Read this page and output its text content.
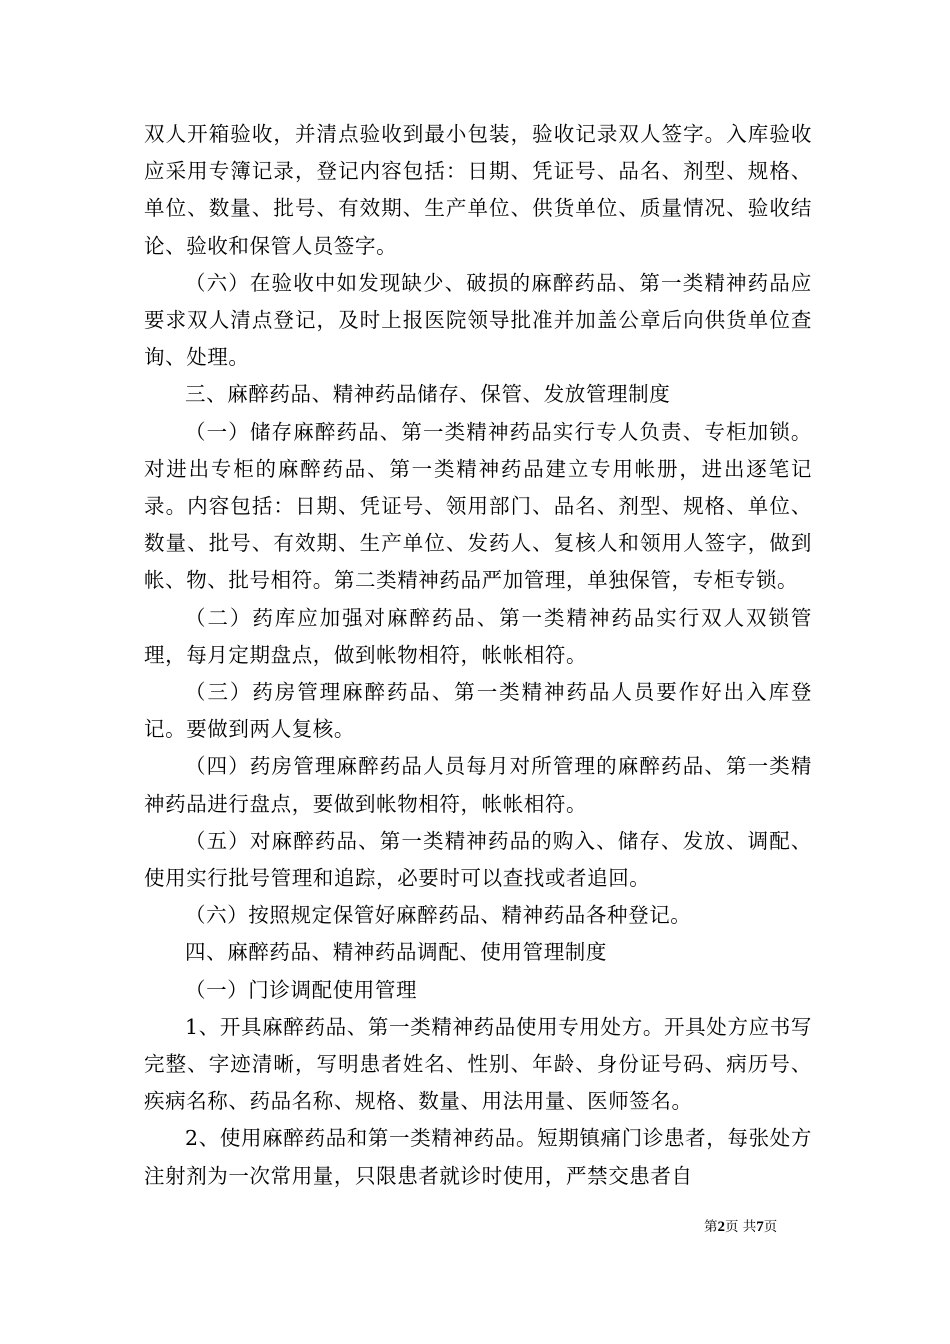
双人开箱验收，并清点验收到最小包装，验收记录双人签字。入库验收应采用专簿记录，登记内容包括：日期、凭证号、品名、剂型、规格、单位、数量、批号、有效期、生产单位、供货单位、质量情况、验收结论、验收和保管人员签字。

（六）在验收中如发现缺少、破损的麻醉药品、第一类精神药品应要求双人清点登记，及时上报医院领导批准并加盖公章后向供货单位查询、处理。

三、麻醉药品、精神药品储存、保管、发放管理制度

（一）储存麻醉药品、第一类精神药品实行专人负责、专柜加锁。对进出专柜的麻醉药品、第一类精神药品建立专用帐册，进出逐笔记录。内容包括：日期、凭证号、领用部门、品名、剂型、规格、单位、数量、批号、有效期、生产单位、发药人、复核人和领用人签字，做到帐、物、批号相符。第二类精神药品严加管理，单独保管，专柜专锁。

（二）药库应加强对麻醉药品、第一类精神药品实行双人双锁管理，每月定期盘点，做到帐物相符，帐帐相符。

（三）药房管理麻醉药品、第一类精神药品人员要作好出入库登记。要做到两人复核。

（四）药房管理麻醉药品人员每月对所管理的麻醉药品、第一类精神药品进行盘点，要做到帐物相符，帐帐相符。

（五）对麻醉药品、第一类精神药品的购入、储存、发放、调配、使用实行批号管理和追踪，必要时可以查找或者追回。

（六）按照规定保管好麻醉药品、精神药品各种登记。

四、麻醉药品、精神药品调配、使用管理制度

（一）门诊调配使用管理

1、开具麻醉药品、第一类精神药品使用专用处方。开具处方应书写完整、字迹清晰，写明患者姓名、性别、年龄、身份证号码、病历号、疾病名称、药品名称、规格、数量、用法用量、医师签名。

2、使用麻醉药品和第一类精神药品。短期镇痛门诊患者，每张处方注射剂为一次常用量，只限患者就诊时使用，严禁交患者自

第2页 共7页
